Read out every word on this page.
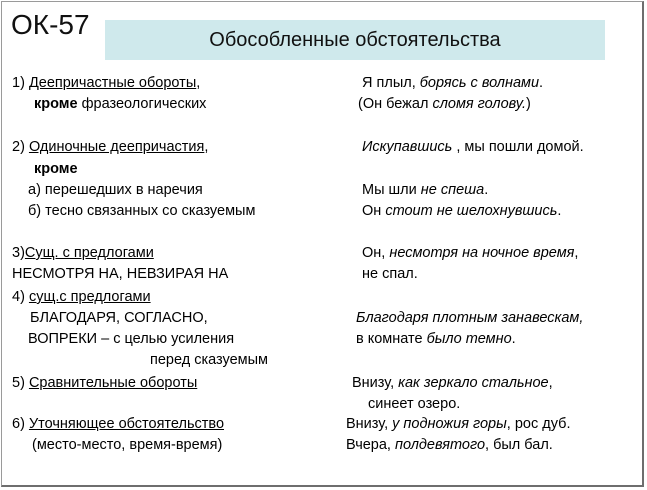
ОК-57	Обособленные обстоятельства
1) Деепричастные обороты,
кроме фразеологических
Я плыл, борясь с волнами.
(Он бежал сломя голову.)
2) Одиночные деепричастия,
кроме
а) перешедших в наречия
б) тесно связанных со сказуемым
Искупавшись , мы пошли домой.
Мы шли не спеша.
Он стоит не шелохнувшись.
3)Сущ. с предлогами
НЕСМОТРЯ НА, НЕВЗИРАЯ НА
Он, несмотря на ночное время,
не спал.
4) сущ.с предлогами
БЛАГОДАРЯ, СОГЛАСНО,
ВОПРЕКИ – с целью усиления
перед сказуемым
Благодаря плотным занавескам,
в комнате было темно.
5) Сравнительные обороты	Внизу, как зеркало стальное,
синеет озеро.
6) Уточняющее обстоятельство
(место-место, время-время)
Внизу, у подножия горы, рос дуб.
Вчера, полдевятого, был бал.
